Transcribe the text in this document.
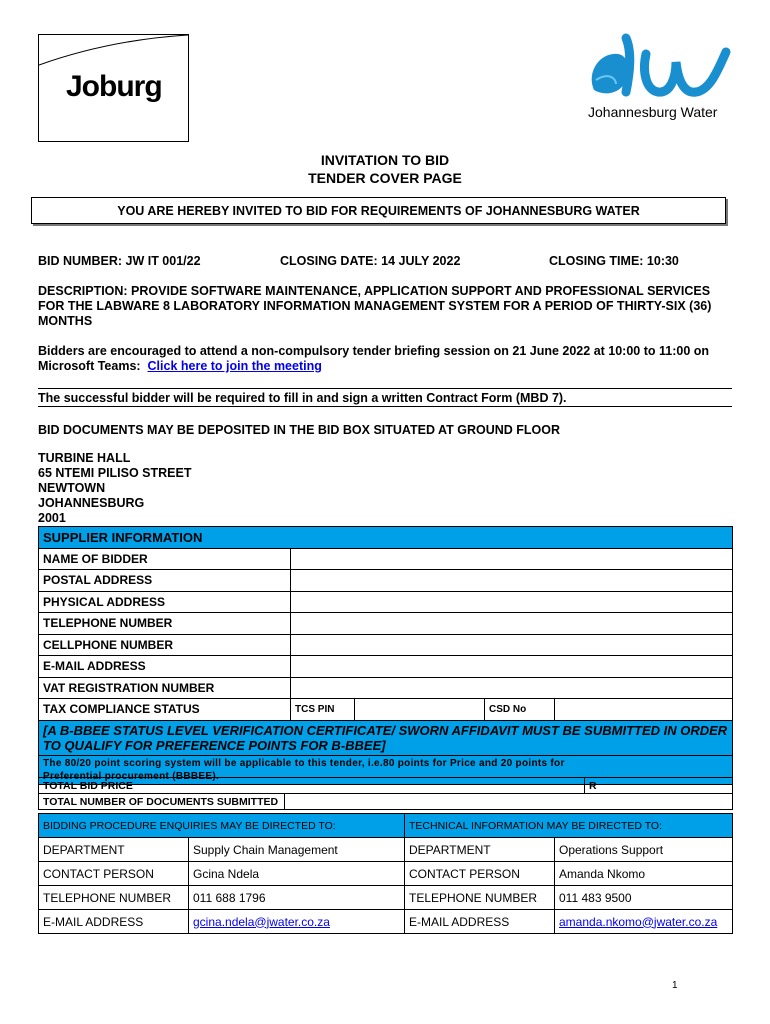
Joburg
Johannesburg Water
INVITATION TO BID
TENDER COVER PAGE
YOU ARE HEREBY INVITED TO BID FOR REQUIREMENTS OF JOHANNESBURG WATER
BID NUMBER: JW IT 001/22	CLOSING DATE: 14 JULY 2022	CLOSING TIME: 10:30
DESCRIPTION: PROVIDE SOFTWARE MAINTENANCE, APPLICATION SUPPORT AND PROFESSIONAL SERVICES
FOR THE LABWARE 8 LABORATORY INFORMATION MANAGEMENT SYSTEM FOR A PERIOD OF THIRTY-SIX (36)
MONTHS
Bidders are encouraged to attend a non-compulsory tender briefing session on 21 June 2022 at 10:00 to 11:00 on
Microsoft Teams: Click here to join the meeting
The successful bidder will be required to fill in and sign a written Contract Form (MBD 7).
BID DOCUMENTS MAY BE DEPOSITED IN THE BID BOX SITUATED AT GROUND FLOOR
TURBINE HALL
65 NTEMI PILISO STREET
NEWTOWN
JOHANNESBURG
2001
SUPPLIER INFORMATION				
NAME OF BIDDER				
POSTAL ADDRESS				
PHYSICAL ADDRESS				
TELEPHONE NUMBER				
CELLPHONE NUMBER				
E-MAIL ADDRESS				
VAT REGISTRATION NUMBER				
TAX COMPLIANCE STATUS	TCS PIN		CSD No	

[A B-BBEE STATUS LEVEL VERIFICATION CERTIFICATE/ SWORN AFFIDAVIT MUST BE SUBMITTED IN ORDER
TO QUALIFY FOR PREFERENCE POINTS FOR B-BBEE]				

The 80/20 point scoring system will be applicable to this tender, i.e.80 points for Price and 20 points for
Preferential procurement (BBBEE).				
TOTAL BID PRICE		R
TOTAL NUMBER OF DOCUMENTS SUBMITTED		
BIDDING PROCEDURE ENQUIRIES MAY BE DIRECTED TO:		TECHNICAL INFORMATION MAY BE DIRECTED TO:	
DEPARTMENT	Supply Chain Management	DEPARTMENT	Operations Support
CONTACT PERSON	Gcina Ndela	CONTACT PERSON	Amanda Nkomo
TELEPHONE NUMBER	011 688 1796	TELEPHONE NUMBER	011 483 9500
E-MAIL ADDRESS	gcina.ndela@jwater.co.za	E-MAIL ADDRESS	amanda.nkomo@jwater.co.za
1
